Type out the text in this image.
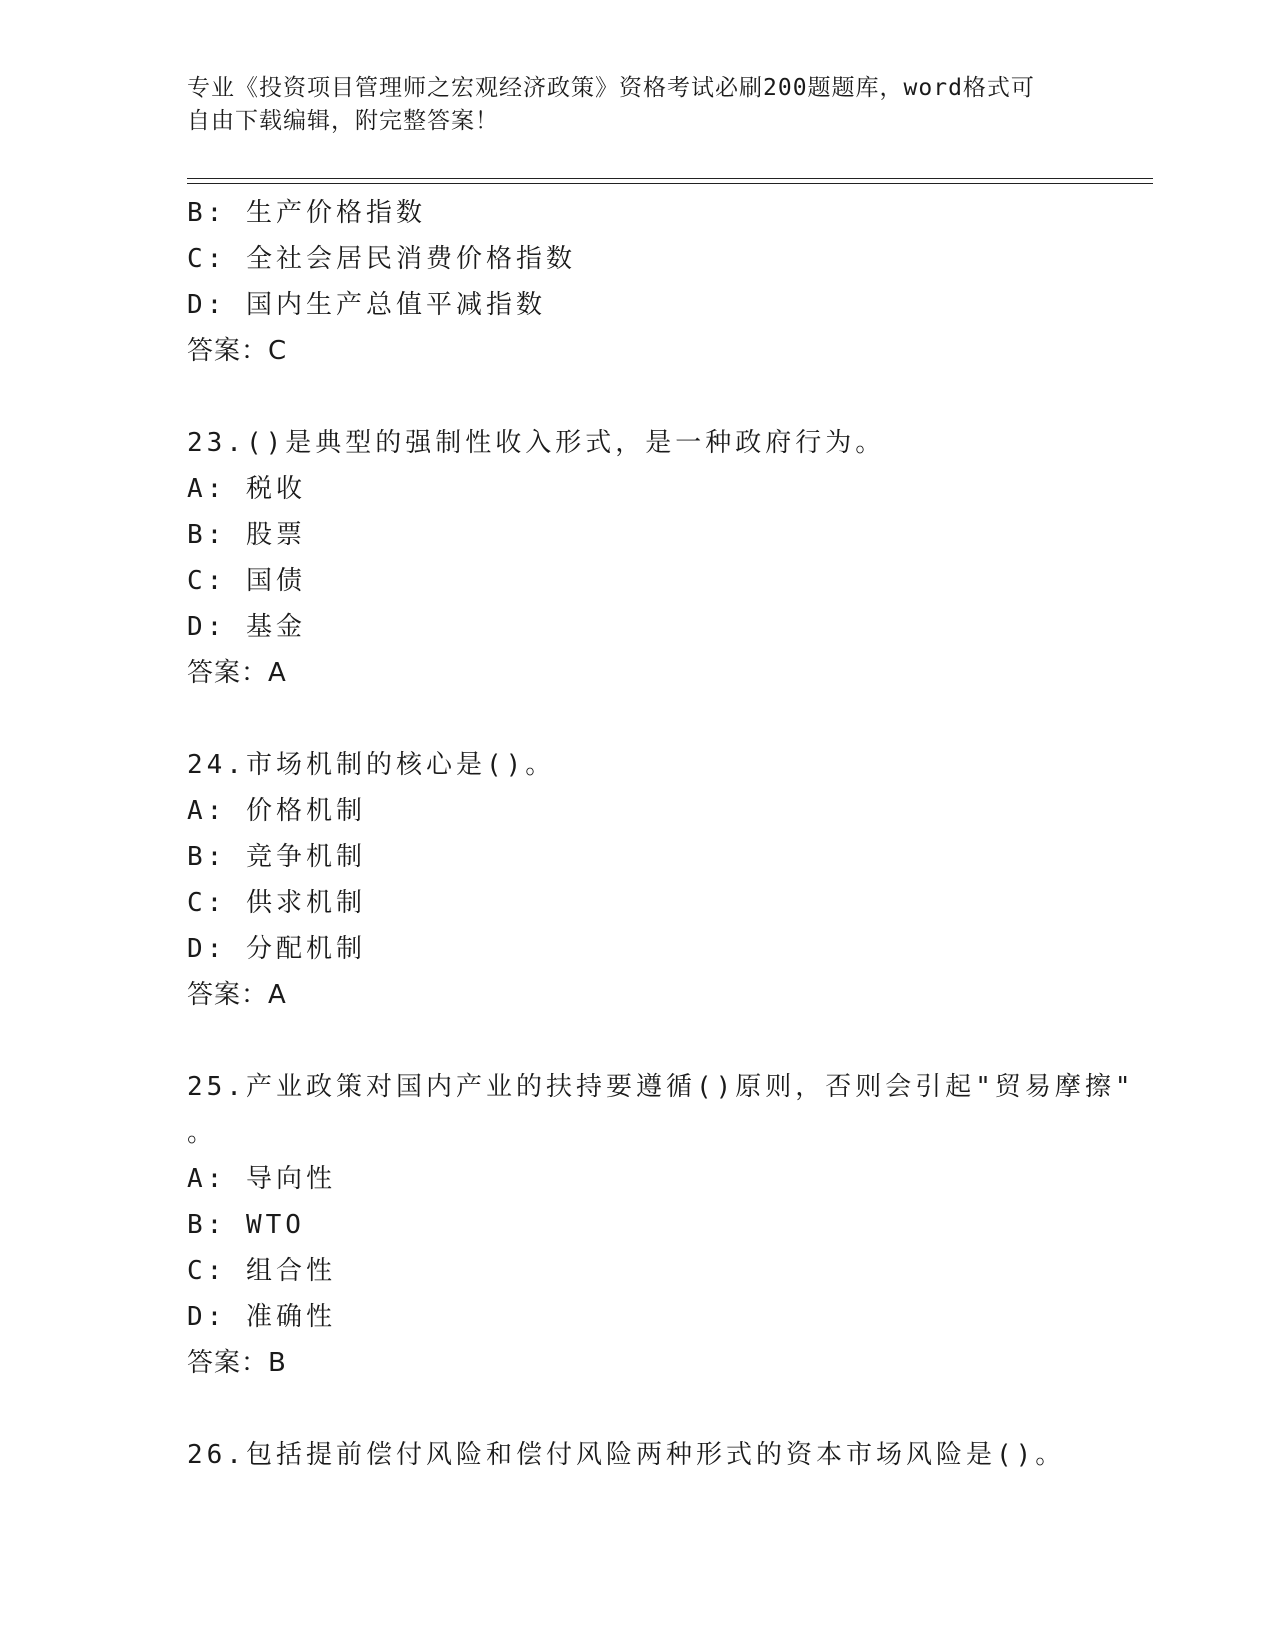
专业《投资项目管理师之宏观经济政策》资格考试必刷200题题库，word格式可
自由下载编辑，附完整答案！
B: 生产价格指数
C: 全社会居民消费价格指数
D: 国内生产总值平减指数
答案：C
23.()是典型的强制性收入形式，是一种政府行为。
A: 税收
B: 股票
C: 国债
D: 基金
答案：A
24.市场机制的核心是()。
A: 价格机制
B: 竞争机制
C: 供求机制
D: 分配机制
答案：A
25.产业政策对国内产业的扶持要遵循()原则，否则会引起"贸易摩擦"
。
A: 导向性
B: WTO
C: 组合性
D: 准确性
答案：B
26.包括提前偿付风险和偿付风险两种形式的资本市场风险是()。
